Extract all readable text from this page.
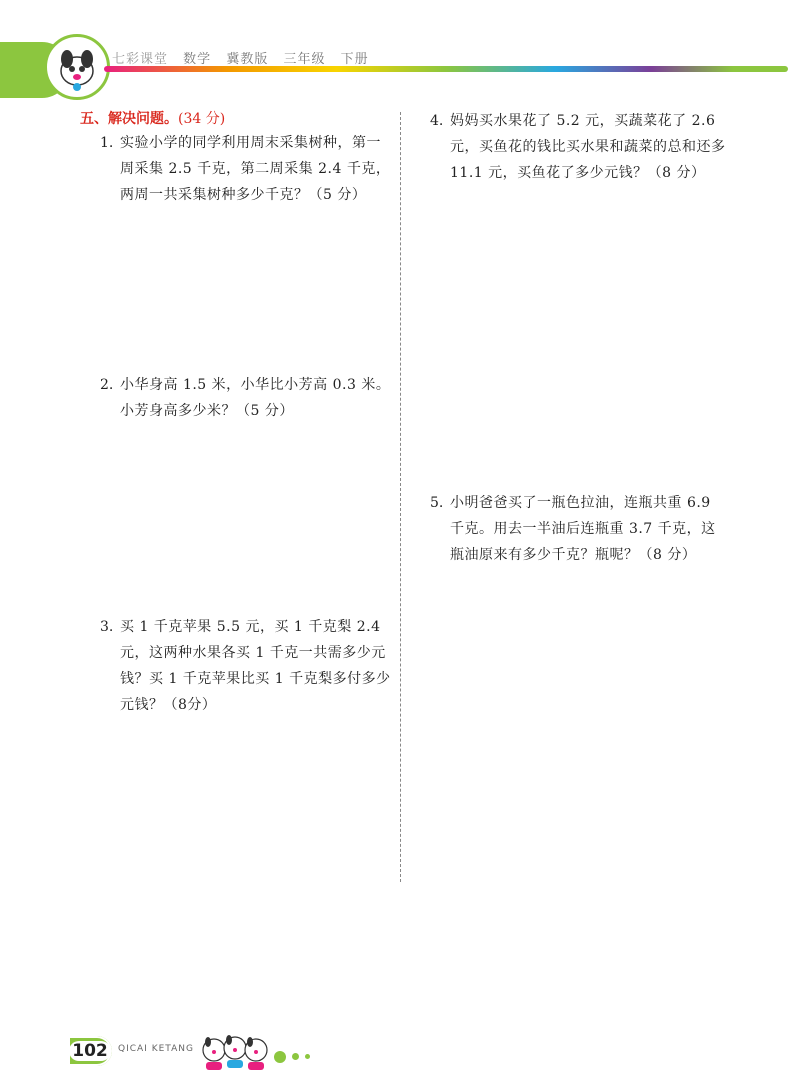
七彩课堂 数学 冀教版 三年级 下册
五、解决问题。(34 分)
1. 实验小学的同学利用周末采集树种，第一周采集 2.5 千克，第二周采集 2.4 千克，两周一共采集树种多少千克？（5 分）
2. 小华身高 1.5 米，小华比小芳高 0.3 米。小芳身高多少米？（5 分）
3. 买 1 千克苹果 5.5 元，买 1 千克梨 2.4 元，这两种水果各买 1 千克一共需多少元钱？买 1 千克苹果比买 1 千克梨多付多少元钱？（8分）
4. 妈妈买水果花了 5.2 元，买蔬菜花了 2.6 元，买鱼花的钱比买水果和蔬菜的总和还多 11.1 元，买鱼花了多少元钱？（8 分）
5. 小明爸爸买了一瓶色拉油，连瓶共重 6.9 千克。用去一半油后连瓶重 3.7 千克，这瓶油原来有多少千克？瓶呢？（8 分）
102	QICAI KETANG
